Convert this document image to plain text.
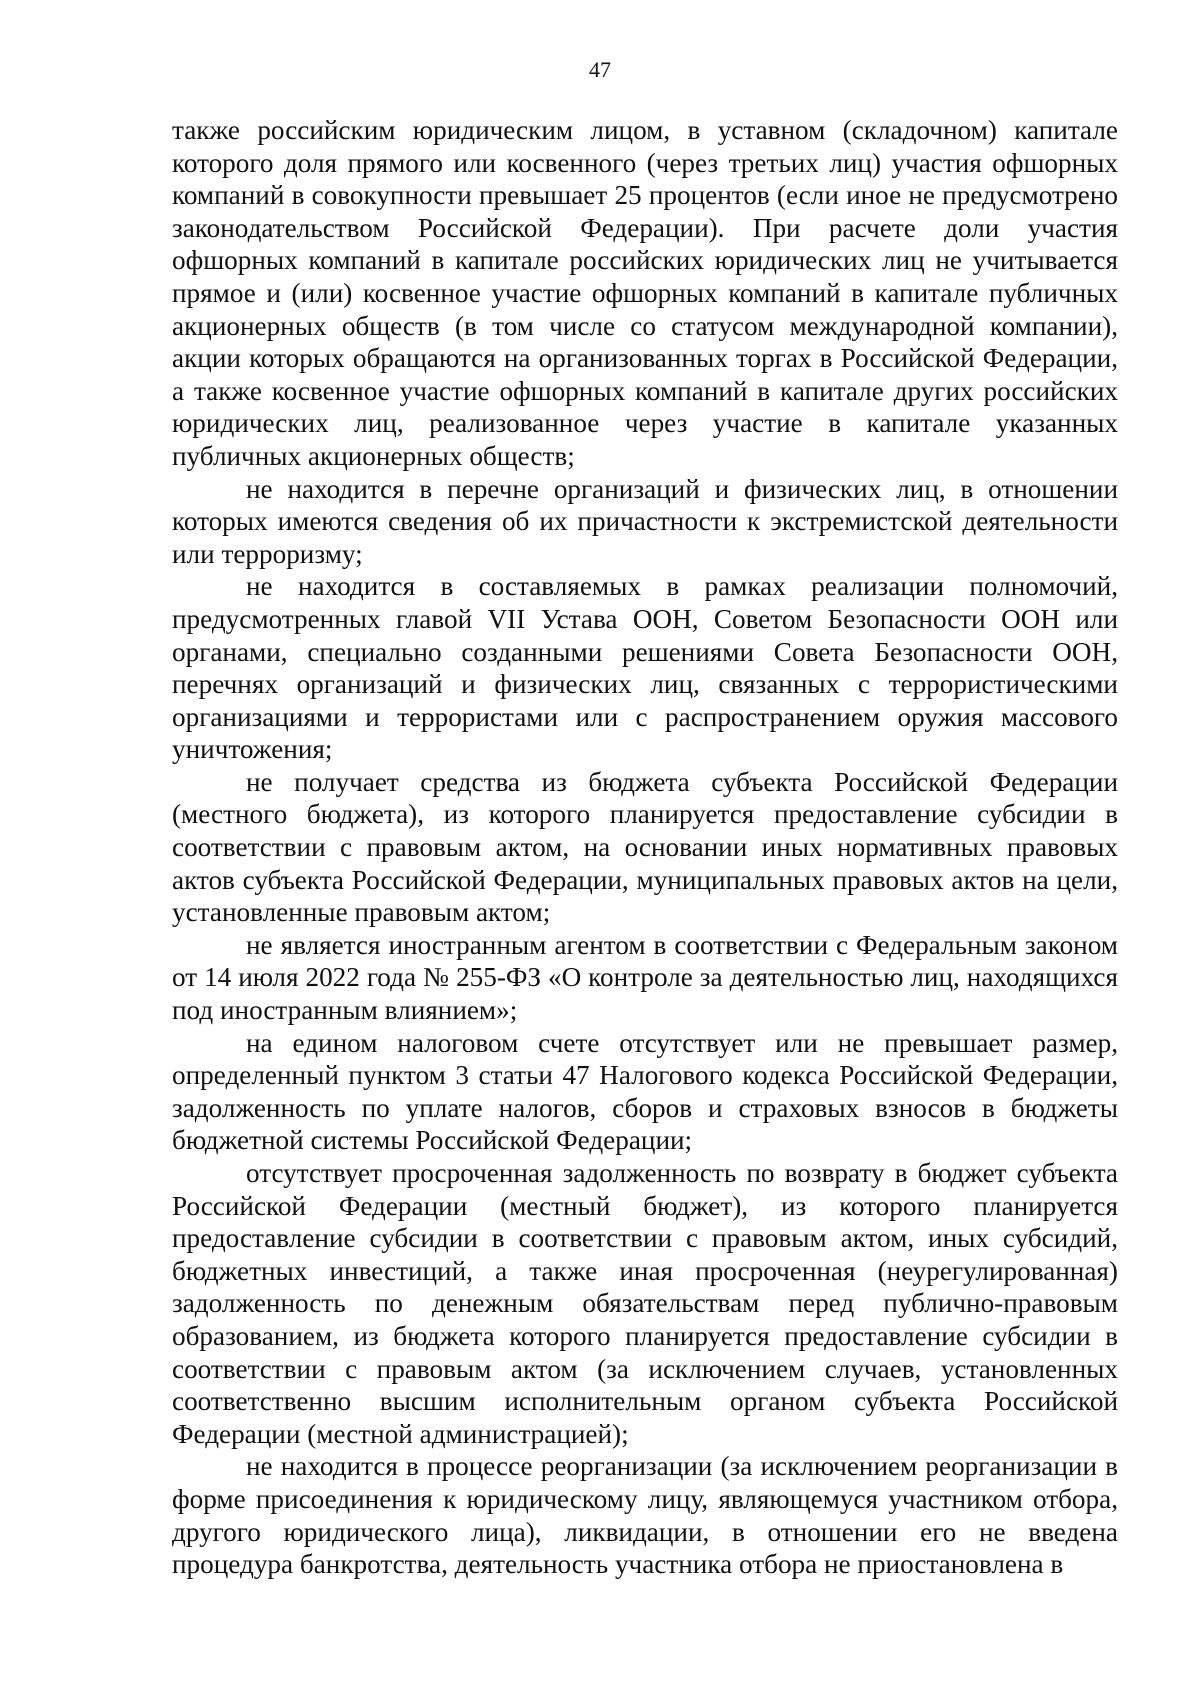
47

также российским юридическим лицом, в уставном (складочном) капитале которого доля прямого или косвенного (через третьих лиц) участия офшорных компаний в совокупности превышает 25 процентов (если иное не предусмотрено законодательством Российской Федерации). При расчете доли участия офшорных компаний в капитале российских юридических лиц не учитывается прямое и (или) косвенное участие офшорных компаний в капитале публичных акционерных обществ (в том числе со статусом международной компании), акции которых обращаются на организованных торгах в Российской Федерации, а также косвенное участие офшорных компаний в капитале других российских юридических лиц, реализованное через участие в капитале указанных публичных акционерных обществ;

не находится в перечне организаций и физических лиц, в отношении которых имеются сведения об их причастности к экстремистской деятельности или терроризму;

не находится в составляемых в рамках реализации полномочий, предусмотренных главой VII Устава ООН, Советом Безопасности ООН или органами, специально созданными решениями Совета Безопасности ООН, перечнях организаций и физических лиц, связанных с террористическими организациями и террористами или с распространением оружия массового уничтожения;

не получает средства из бюджета субъекта Российской Федерации (местного бюджета), из которого планируется предоставление субсидии в соответствии с правовым актом, на основании иных нормативных правовых актов субъекта Российской Федерации, муниципальных правовых актов на цели, установленные правовым актом;

не является иностранным агентом в соответствии с Федеральным законом от 14 июля 2022 года № 255-ФЗ «О контроле за деятельностью лиц, находящихся под иностранным влиянием»;

на едином налоговом счете отсутствует или не превышает размер, определенный пунктом 3 статьи 47 Налогового кодекса Российской Федерации, задолженность по уплате налогов, сборов и страховых взносов в бюджеты бюджетной системы Российской Федерации;

отсутствует просроченная задолженность по возврату в бюджет субъекта Российской Федерации (местный бюджет), из которого планируется предоставление субсидии в соответствии с правовым актом, иных субсидий, бюджетных инвестиций, а также иная просроченная (неурегулированная) задолженность по денежным обязательствам перед публично-правовым образованием, из бюджета которого планируется предоставление субсидии в соответствии с правовым актом (за исключением случаев, установленных соответственно высшим исполнительным органом субъекта Российской Федерации (местной администрацией);

не находится в процессе реорганизации (за исключением реорганизации в форме присоединения к юридическому лицу, являющемуся участником отбора, другого юридического лица), ликвидации, в отношении его не введена процедура банкротства, деятельность участника отбора не приостановлена в
